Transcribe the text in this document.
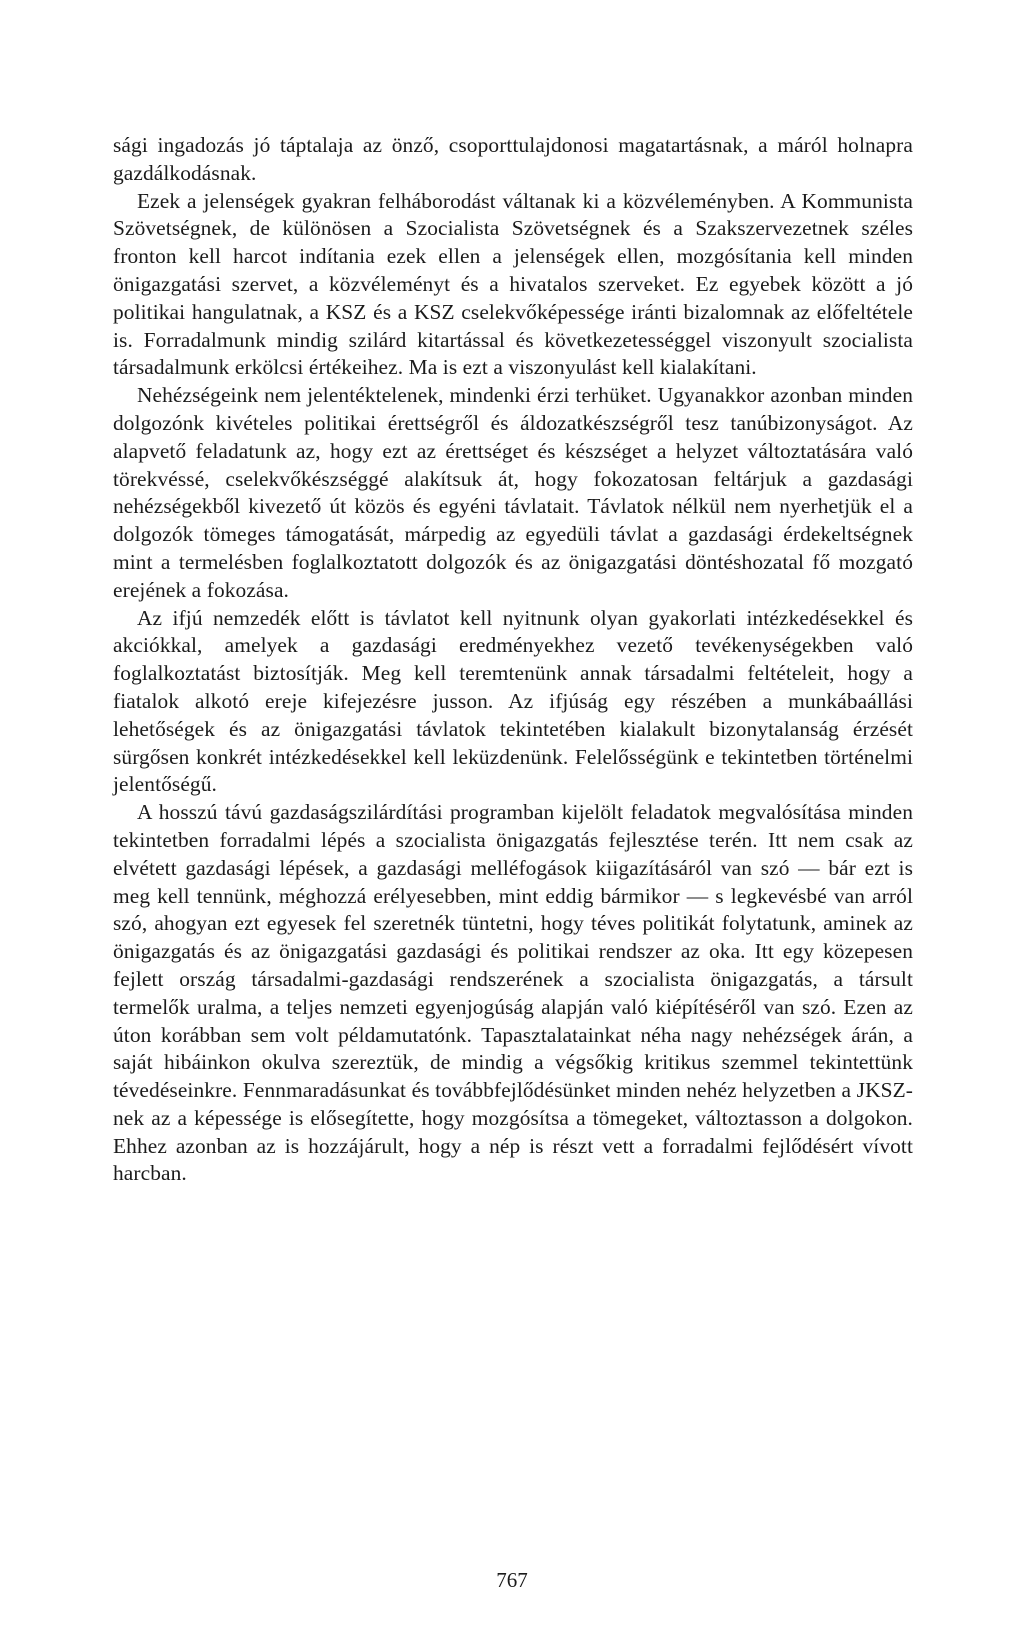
sági ingadozás jó táptalaja az önző, csoporttulajdonosi magatartásnak, a máról holnapra gazdálkodásnak.

Ezek a jelenségek gyakran felháborodást váltanak ki a közvéleményben. A Kommunista Szövetségnek, de különösen a Szocialista Szövetségnek és a Szakszervezetnek széles fronton kell harcot indítania ezek ellen a jelenségek ellen, mozgósítania kell minden önigazgatási szervet, a közvéleményt és a hivatalos szerveket. Ez egyebek között a jó politikai hangulatnak, a KSZ és a KSZ cselekvőképessége iránti bizalomnak az előfeltétele is. Forradalmunk mindig szilárd kitartással és következetességgel viszonyult szocialista társadalmunk erkölcsi értékeihez. Ma is ezt a viszonyulást kell kialakítani.

Nehézségeink nem jelentéktelenek, mindenki érzi terhüket. Ugyanakkor azonban minden dolgozónk kivételes politikai érettségről és áldozatkészségről tesz tanúbizonyságot. Az alapvető feladatunk az, hogy ezt az érettséget és készséget a helyzet változtatására való törekvéssé, cselekvőkészséggé alakítsuk át, hogy fokozatosan feltárjuk a gazdasági nehézségekből kivezető út közös és egyéni távlatait. Távlatok nélkül nem nyerhetjük el a dolgozók tömeges támogatását, márpedig az egyedüli távlat a gazdasági érdekeltségnek mint a termelésben foglalkoztatott dolgozók és az önigazgatási döntéshozatal fő mozgató erejének a fokozása.

Az ifjú nemzedék előtt is távlatot kell nyitnunk olyan gyakorlati intézkedésekkel és akciókkal, amelyek a gazdasági eredményekhez vezető tevékenységekben való foglalkoztatást biztosítják. Meg kell teremtenünk annak társadalmi feltételeit, hogy a fiatalok alkotó ereje kifejezésre jusson. Az ifjúság egy részében a munkábaállási lehetőségek és az önigazgatási távlatok tekintetében kialakult bizonytalanság érzését sürgősen konkrét intézkedésekkel kell leküzdenünk. Felelősségünk e tekintetben történelmi jelentőségű.

A hosszú távú gazdaságszilárdítási programban kijelölt feladatok megvalósítása minden tekintetben forradalmi lépés a szocialista önigazgatás fejlesztése terén. Itt nem csak az elvétett gazdasági lépések, a gazdasági melléfogások kiigazításáról van szó — bár ezt is meg kell tennünk, méghozzá erélyesebben, mint eddig bármikor — s legkevésbé van arról szó, ahogyan ezt egyesek fel szeretnék tüntetni, hogy téves politikát folytatunk, aminek az önigazgatás és az önigazgatási gazdasági és politikai rendszer az oka. Itt egy közepesen fejlett ország társadalmi-gazdasági rendszerének a szocialista önigazgatás, a társult termelők uralma, a teljes nemzeti egyenjogúság alapján való kiépítéséről van szó. Ezen az úton korábban sem volt példamutatónk. Tapasztalatainkat néha nagy nehézségek árán, a saját hibáinkon okulva szereztük, de mindig a végsőkig kritikus szemmel tekintettünk tévedéseinkre. Fennmaradásunkat és továbbfejlődésünket minden nehéz helyzetben a JKSZ-nek az a képessége is elősegítette, hogy mozgósítsa a tömegeket, változtasson a dolgokon. Ehhez azonban az is hozzájárult, hogy a nép is részt vett a forradalmi fejlődésért vívott harcban.

767
